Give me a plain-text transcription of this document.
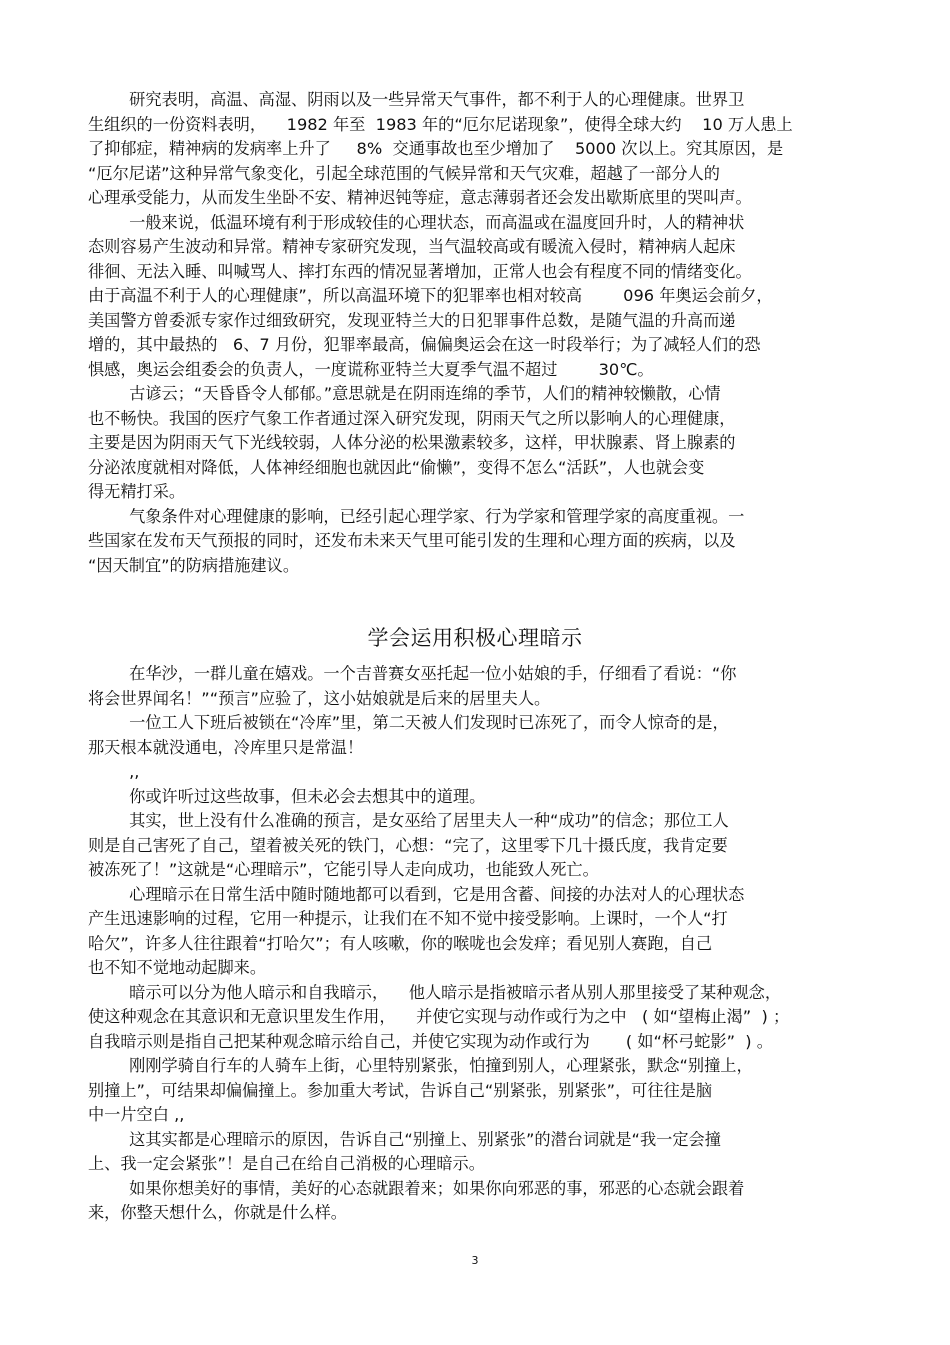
研究表明，高温、高湿、阴雨以及一些异常天气事件，都不利于人的心理健康。世界卫
生组织的一份资料表明，    1982 年至  1983 年的“厄尔尼诺现象”，使得全球大约    10 万人患上
了抑郁症，精神病的发病率上升了     8%  交通事故也至少增加了    5000 次以上。究其原因，是
“厄尔尼诺”这种异常气象变化，引起全球范围的气候异常和天气灾难，超越了一部分人的
心理承受能力，从而发生坐卧不安、精神迟钝等症，意志薄弱者还会发出歇斯底里的哭叫声。
一般来说，低温环境有利于形成较佳的心理状态，而高温或在温度回升时，人的精神状
态则容易产生波动和异常。精神专家研究发现，当气温较高或有暖流入侵时，精神病人起床
徘徊、无法入睡、叫喊骂人、摔打东西的情况显著增加，正常人也会有程度不同的情绪变化。
由于高温不利于人的心理健康”，所以高温环境下的犯罪率也相对较高        096 年奥运会前夕，
美国警方曾委派专家作过细致研究，发现亚特兰大的日犯罪事件总数，是随气温的升高而递
增的，其中最热的   6、7 月份，犯罪率最高，偏偏奥运会在这一时段举行；为了减轻人们的恐
惧感，奥运会组委会的负责人，一度谎称亚特兰大夏季气温不超过        30℃。
古谚云；“天昏昏令人郁郁。”意思就是在阴雨连绵的季节，人们的精神较懒散，心情
也不畅快。我国的医疗气象工作者通过深入研究发现，阴雨天气之所以影响人的心理健康，
主要是因为阴雨天气下光线较弱，人体分泌的松果激素较多，这样，甲状腺素、肾上腺素的
分泌浓度就相对降低，人体神经细胞也就因此“偷懒”，变得不怎么“活跃”，人也就会变
得无精打采。
气象条件对心理健康的影响，已经引起心理学家、行为学家和管理学家的高度重视。一
些国家在发布天气预报的同时，还发布未来天气里可能引发的生理和心理方面的疾病，以及
“因天制宜”的防病措施建议。
学会运用积极心理暗示
在华沙，一群儿童在嬉戏。一个吉普赛女巫托起一位小姑娘的手，仔细看了看说：“你
将会世界闻名！”“预言”应验了，这小姑娘就是后来的居里夫人。
一位工人下班后被锁在“冷库”里，第二天被人们发现时已冻死了，而令人惊奇的是，
那天根本就没通电，冷库里只是常温！
,,
你或许听过这些故事，但未必会去想其中的道理。
其实，世上没有什么准确的预言，是女巫给了居里夫人一种“成功”的信念；那位工人
则是自己害死了自己，望着被关死的铁门，心想：“完了，这里零下几十摄氏度，我肯定要
被冻死了！”这就是“心理暗示”，它能引导人走向成功，也能致人死亡。
心理暗示在日常生活中随时随地都可以看到，它是用含蓄、间接的办法对人的心理状态
产生迅速影响的过程，它用一种提示，让我们在不知不觉中接受影响。上课时，一个人“打
哈欠”，许多人往往跟着“打哈欠”；有人咳嗽，你的喉咙也会发痒；看见别人赛跑，自己
也不知不觉地动起脚来。
暗示可以分为他人暗示和自我暗示，    他人暗示是指被暗示者从别人那里接受了某种观念，
使这种观念在其意识和无意识里发生作用，    并使它实现与动作或行为之中   ( 如“望梅止渴”  ) ；
自我暗示则是指自己把某种观念暗示给自己，并使它实现为动作或行为       ( 如“杯弓蛇影”  ) 。
刚刚学骑自行车的人骑车上街，心里特别紧张，怕撞到别人，心理紧张，默念“别撞上，
别撞上”，可结果却偏偏撞上。参加重大考试，告诉自己“别紧张，别紧张”，可往往是脑
中一片空白 ,,
这其实都是心理暗示的原因，告诉自己“别撞上、别紧张”的潜台词就是“我一定会撞
上、我一定会紧张”！是自己在给自己消极的心理暗示。
如果你想美好的事情，美好的心态就跟着来；如果你向邪恶的事，邪恶的心态就会跟着
来，你整天想什么，你就是什么样。
3
